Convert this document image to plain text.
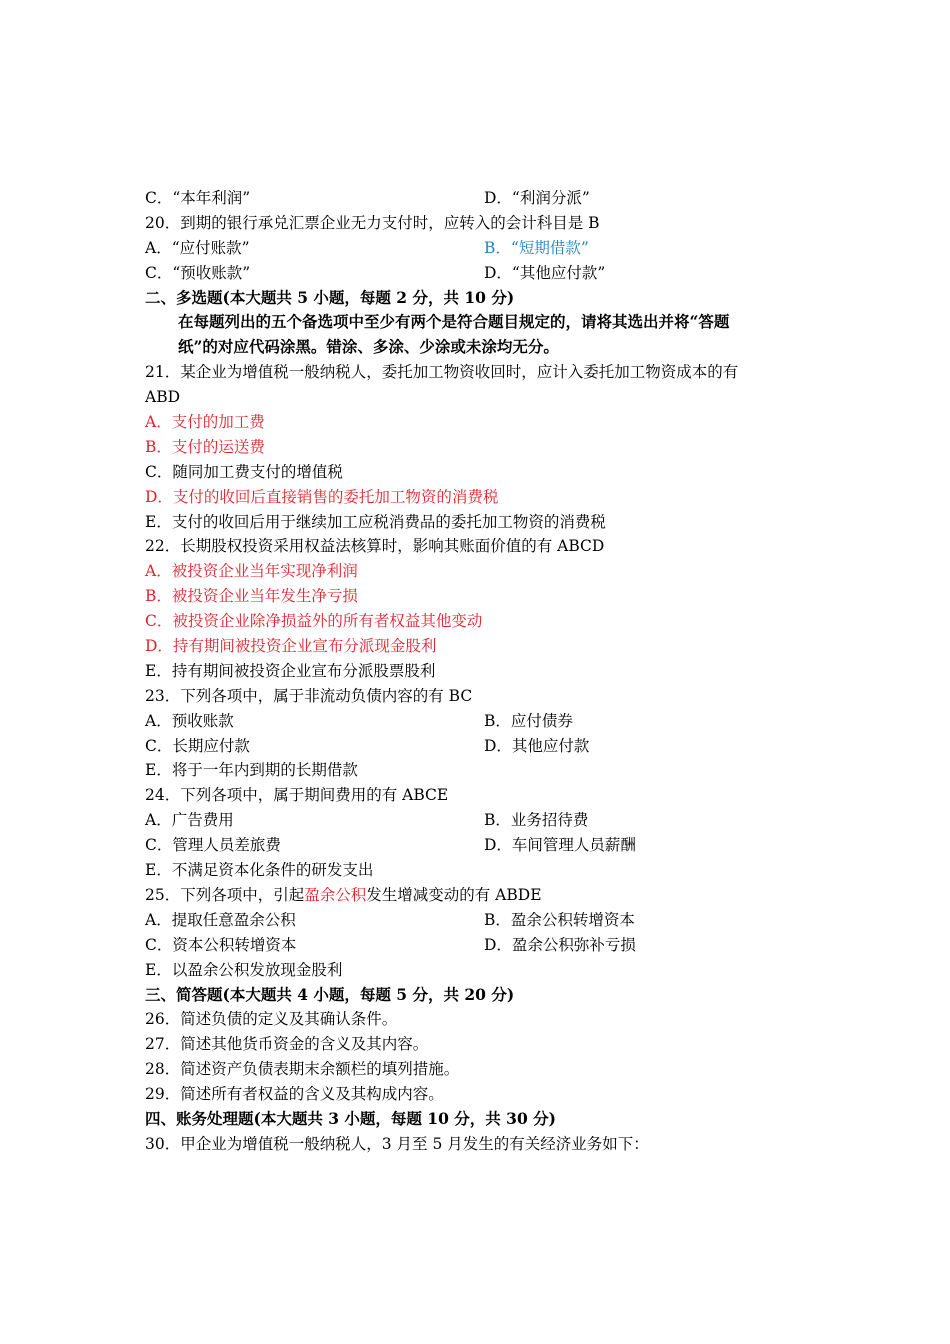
C．“本年利润”	D．“利润分派”
20．到期的银行承兑汇票企业无力支付时，应转入的会计科目是 B
A．“应付账款”	B．“短期借款”
C．“预收账款”	D．“其他应付款”
二、多选题(本大题共 5 小题，每题 2 分，共 10 分)
在每题列出的五个备选项中至少有两个是符合题目规定的，请将其选出并将“答题
纸”的对应代码涂黑。错涂、多涂、少涂或未涂均无分。
21．某企业为增值税一般纳税人，委托加工物资收回时，应计入委托加工物资成本的有
ABD
A．支付的加工费
B．支付的运送费
C．随同加工费支付的增值税
D．支付的收回后直接销售的委托加工物资的消费税
E．支付的收回后用于继续加工应税消费品的委托加工物资的消费税
22．长期股权投资采用权益法核算时，影响其账面价值的有 ABCD
A．被投资企业当年实现净利润
B．被投资企业当年发生净亏损
C．被投资企业除净损益外的所有者权益其他变动
D．持有期间被投资企业宣布分派现金股利
E．持有期间被投资企业宣布分派股票股利
23．下列各项中，属于非流动负债内容的有 BC
A．预收账款	B．应付债券
C．长期应付款	D．其他应付款
E．将于一年内到期的长期借款
24．下列各项中，属于期间费用的有 ABCE
A．广告费用	B．业务招待费
C．管理人员差旅费	D．车间管理人员薪酬
E．不满足资本化条件的研发支出
25．下列各项中，引起盈余公积发生增减变动的有 ABDE
A．提取任意盈余公积	B．盈余公积转增资本
C．资本公积转增资本	D．盈余公积弥补亏损
E．以盈余公积发放现金股利
三、简答题(本大题共 4 小题，每题 5 分，共 20 分)
26．简述负债的定义及其确认条件。
27．简述其他货币资金的含义及其内容。
28．简述资产负债表期末余额栏的填列措施。
29．简述所有者权益的含义及其构成内容。
四、账务处理题(本大题共 3 小题，每题 10 分，共 30 分)
30．甲企业为增值税一般纳税人，3 月至 5 月发生的有关经济业务如下：
